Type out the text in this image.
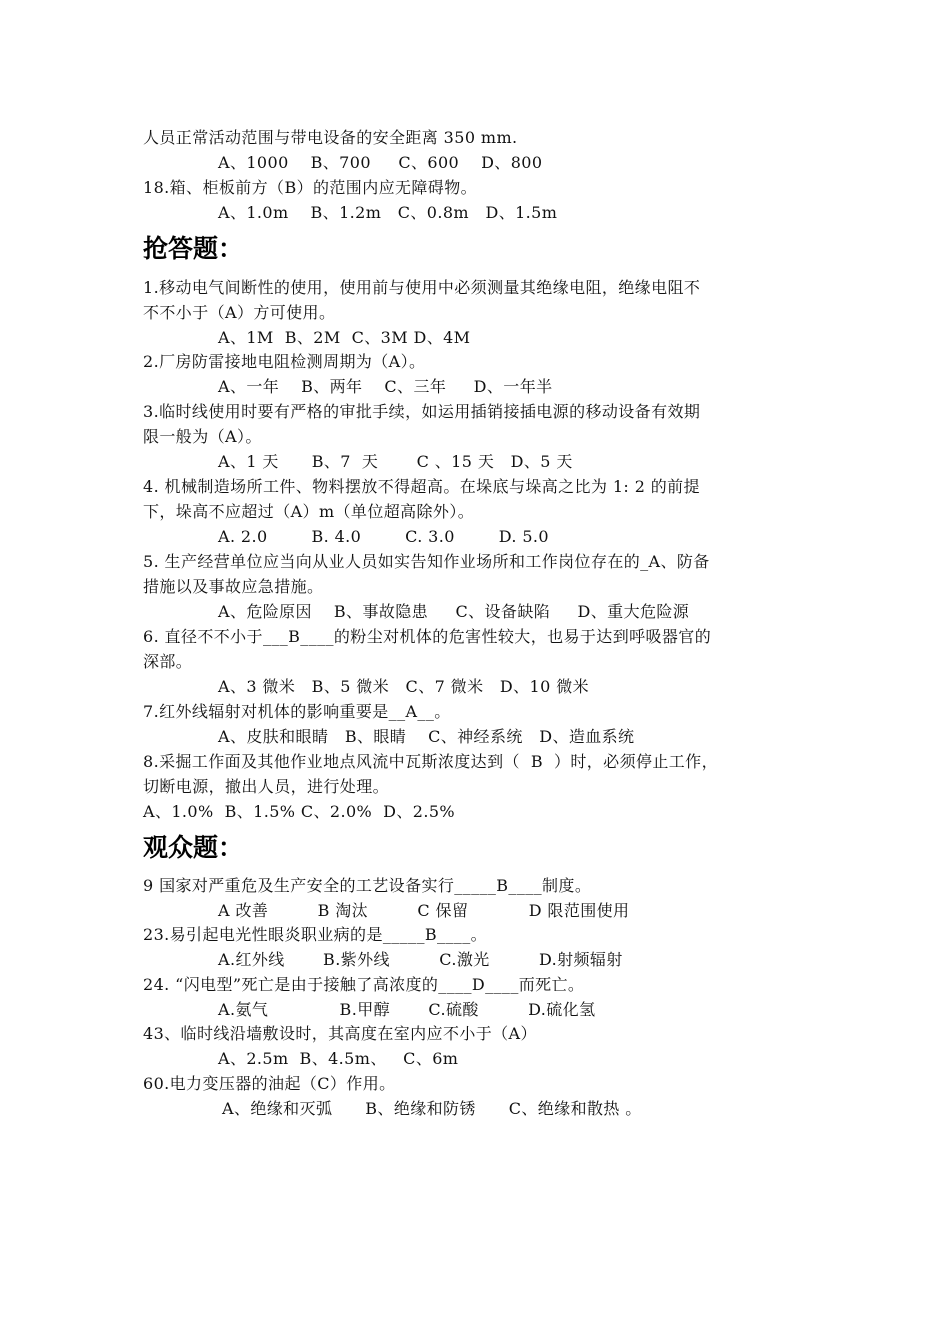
人员正常活动范围与带电设备的安全距离 350 mm.
A、1000    B、700     C、600    D、800
18.箱、柜板前方（B）的范围内应无障碍物。
A、1.0m    B、1.2m   C、0.8m   D、1.5m
抢答题：
1.移动电气间断性的使用，使用前与使用中必须测量其绝缘电阻，绝缘电阻不
不不小于（A）方可使用。
A、1M  B、2M  C、3M D、4M
2.厂房防雷接地电阻检测周期为（A）。
A、一年    B、两年    C、三年     D、一年半
3.临时线使用时要有严格的审批手续，如运用插销接插电源的移动设备有效期
限一般为（A）。
A、1 天      B、7  天       C 、15 天   D、5 天
4. 机械制造场所工件、物料摆放不得超高。在垛底与垛高之比为 1: 2 的前提
下，垛高不应超过（A）m（单位超高除外）。
A. 2.0        B. 4.0        C. 3.0        D. 5.0
5. 生产经营单位应当向从业人员如实告知作业场所和工作岗位存在的_A、防备
措施以及事故应急措施。
A、危险原因    B、事故隐患     C、设备缺陷     D、重大危险源
6. 直径不不小于___B____的粉尘对机体的危害性较大，也易于达到呼吸器官的
深部。
A、3 微米   B、5 微米   C、7 微米   D、10 微米
7.红外线辐射对机体的影响重要是__A__。
A、皮肤和眼睛   B、眼睛    C、神经系统   D、造血系统
8.采掘工作面及其他作业地点风流中瓦斯浓度达到（  B  ）时，必须停止工作，
切断电源，撤出人员，进行处理。
A、1.0%  B、1.5% C、2.0%  D、2.5%
观众题：
9 国家对严重危及生产安全的工艺设备实行_____B____制度。
A 改善         B 淘汰         C 保留           D 限范围使用
23.易引起电光性眼炎职业病的是_____B____。
A.红外线       B.紫外线         C.激光         D.射频辐射
24. “闪电型”死亡是由于接触了高浓度的____D____而死亡。
A.氨气             B.甲醇       C.硫酸         D.硫化氢
43、临时线沿墙敷设时，其高度在室内应不小于（A）
A、2.5m  B、4.5m、   C、6m
60.电力变压器的油起（C）作用。
A、绝缘和灭弧      B、绝缘和防锈      C、绝缘和散热 。
